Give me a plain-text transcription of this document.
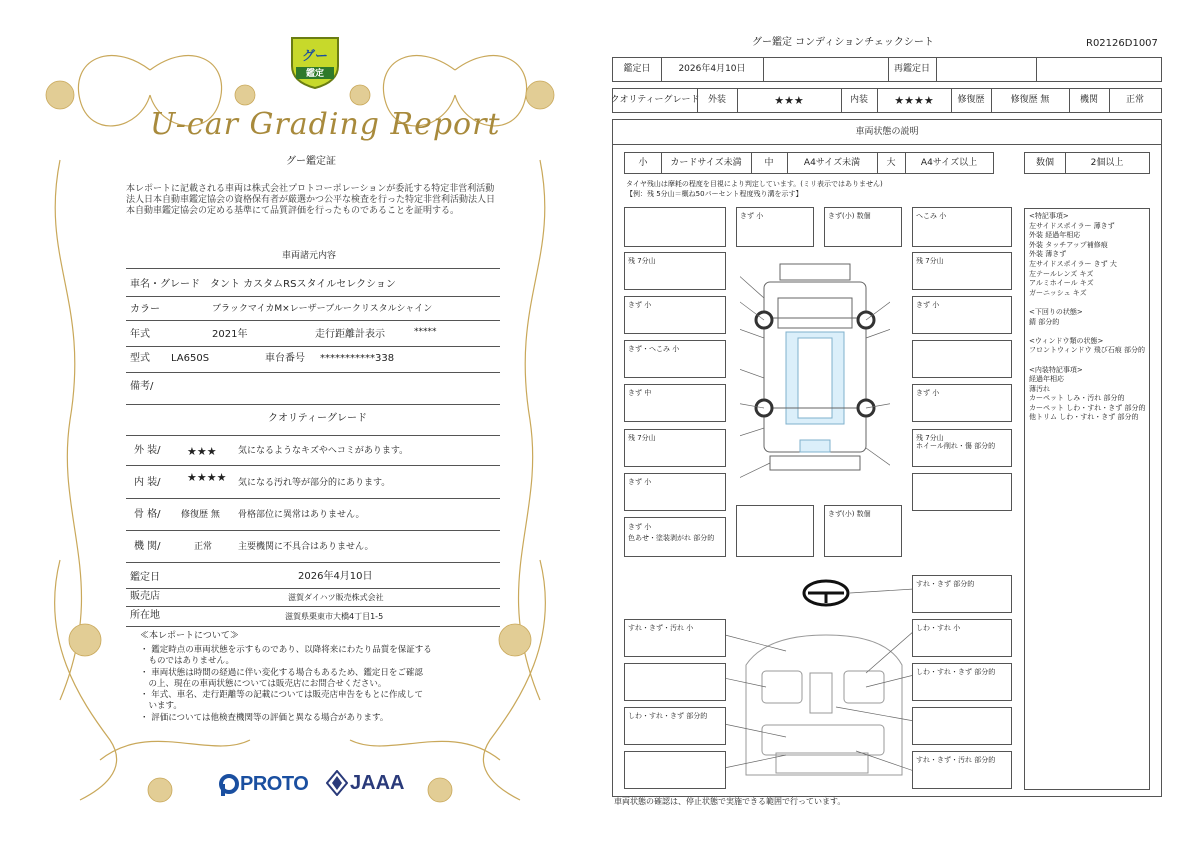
グー
鑑定
U-car Grading Report
グー鑑定証
本レポートに記載される車両は株式会社プロトコーポレーションが委託する特定非営利活動法人日本自動車鑑定協会の資格保有者が厳選かつ公平な検査を行った特定非営利活動法人日本自動車鑑定協会の定める基準にて品質評価を行ったものであることを証明する。
車両諸元内容
車名・グレード タント カスタムRSスタイルセレクション
カラー	ブラックマイカM×レーザーブルークリスタルシャイン
年式	2021年	走行距離計表示	*****
型式 LA650S	車台番号 ***********338
備考/
クオリティーグレード
外 装/ ★★★ 気になるようなキズやヘコミがあります。
内 装/ ★★★★ 気になる汚れ等が部分的にあります。
骨 格/ 修復歴 無 骨格部位に異常はありません。
機 関/	正常	主要機関に不具合はありません。
鑑定日	2026年4月10日
販売店	滋賀ダイハツ販売株式会社
所在地	滋賀県栗東市大橋4丁目1-5
≪本レポートについて≫
・ 鑑定時点の車両状態を示すものであり、以降将来にわたり品質を保証する
　ものではありません。
・ 車両状態は時間の経過に伴い変化する場合もあるため、鑑定日をご確認
　の上、現在の車両状態については販売店にお問合せください。
・ 年式、車名、走行距離等の記載については販売店申告をもとに作成して
　います。
・ 評価については他検査機関等の評価と異なる場合があります。
PROTO JAAA
グー鑑定 コンディションチェックシート	R02126D1007
鑑定日	2026年4月10日	再鑑定日
クオリティーグレード 外装	★★★	内装	★★★★	修復歴	修復歴 無	機関	正常
車両状態の説明
小	カードサイズ未満	中	A4サイズ未満	大	A4サイズ以上	数個	2個以上
タイヤ残山は摩耗の程度を目視により判定しています。(ミリ表示ではありません)
【例：残 5分山＝概ね50パーセント程度残り溝を示す】
<特記事項>
左サイドスポイラー 薄きず
外装 経過年相応
外装 タッチアップ補修痕
外装 薄きず
左サイドスポイラー きず 大
左テールレンズ キズ
アルミホイール キズ
ガーニッシュ キズ
<下回りの状態>
錆 部分的
<ウィンドウ類の状態>
フロントウィンドウ 飛び石痕 部分的
<内装特記事項>
経過年相応
薄汚れ
カーペット しみ・汚れ 部分的
カーペット しわ・すれ・きず 部分的
他トリム しわ・すれ・きず 部分的
きず 小	きず(小) 数個	へこみ 小
残 7分山	残 7分山
きず 小	きず 小
きず・へこみ 小
きず 中	きず 小
残 7分山	残 7分山
ホイール削れ・傷 部分的
きず 小
きず 小
色あせ・塗装剥がれ 部分的
きず(小) 数個
すれ・きず 部分的
すれ・きず・汚れ 小	しわ・すれ 小
しわ・すれ・きず 部分的
しわ・すれ・きず 部分的
すれ・きず・汚れ 部分的
車両状態の確認は、停止状態で実施できる範囲で行っています。
